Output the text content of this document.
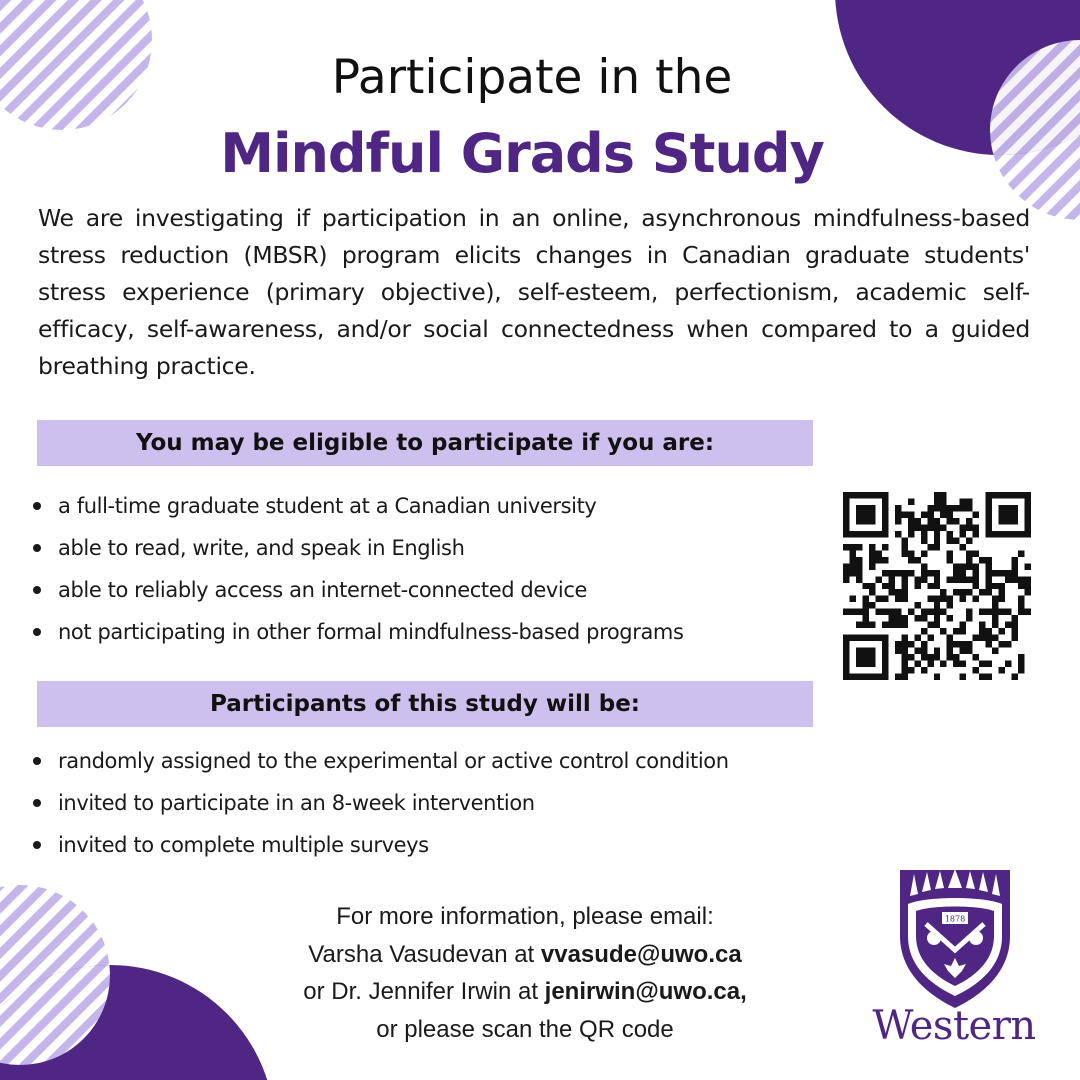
Participate in the
Mindful Grads Study
We are investigating if participation in an online, asynchronous mindfulness-based stress reduction (MBSR) program elicits changes in Canadian graduate students' stress experience (primary objective), self-esteem, perfectionism, academic self-efficacy, self-awareness, and/or social connectedness when compared to a guided breathing practice.
You may be eligible to participate if you are:
a full-time graduate student at a Canadian university
able to read, write, and speak in English
able to reliably access an internet-connected device
not participating in other formal mindfulness-based programs
Participants of this study will be:
randomly assigned to the experimental or active control condition
invited to participate in an 8-week intervention
invited to complete multiple surveys
For more information, please email:
Varsha Vasudevan at vvasude@uwo.ca
or Dr. Jennifer Irwin at jenirwin@uwo.ca,
or please scan the QR code
1878
Western
